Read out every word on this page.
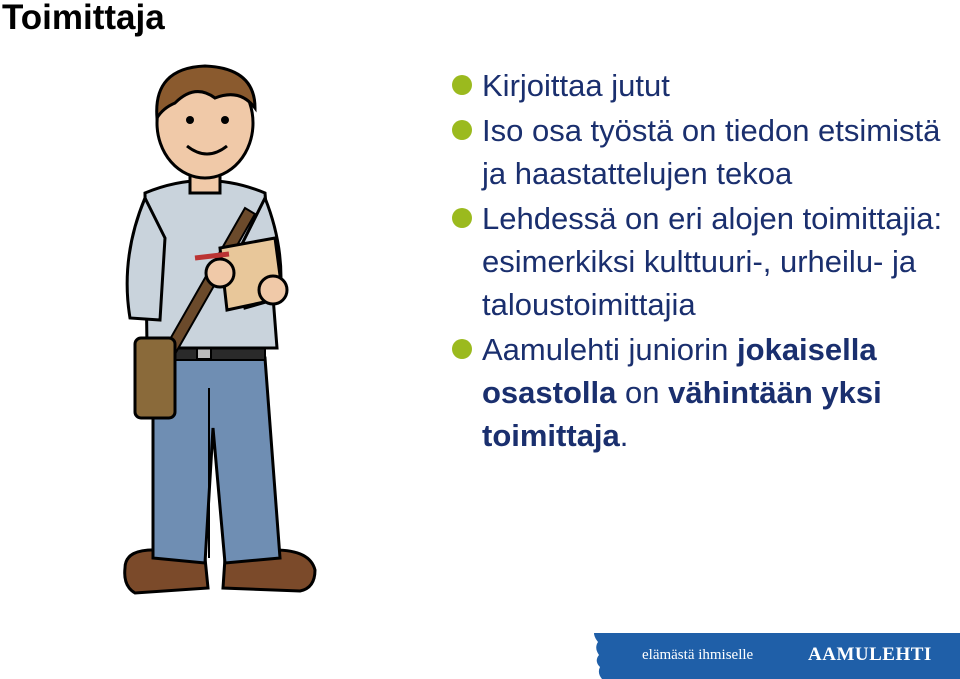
Toimittaja
Kirjoittaa jutut
Iso osa työstä on tiedon etsimistä ja haastattelujen tekoa
Lehdessä on eri alojen toimittajia: esimerkiksi kulttuuri-, urheilu- ja taloustoimittajia
Aamulehti juniorin jokaisella osastolla on vähintään yksi toimittaja.
elämästä ihmiselle	AAMULEHTI
